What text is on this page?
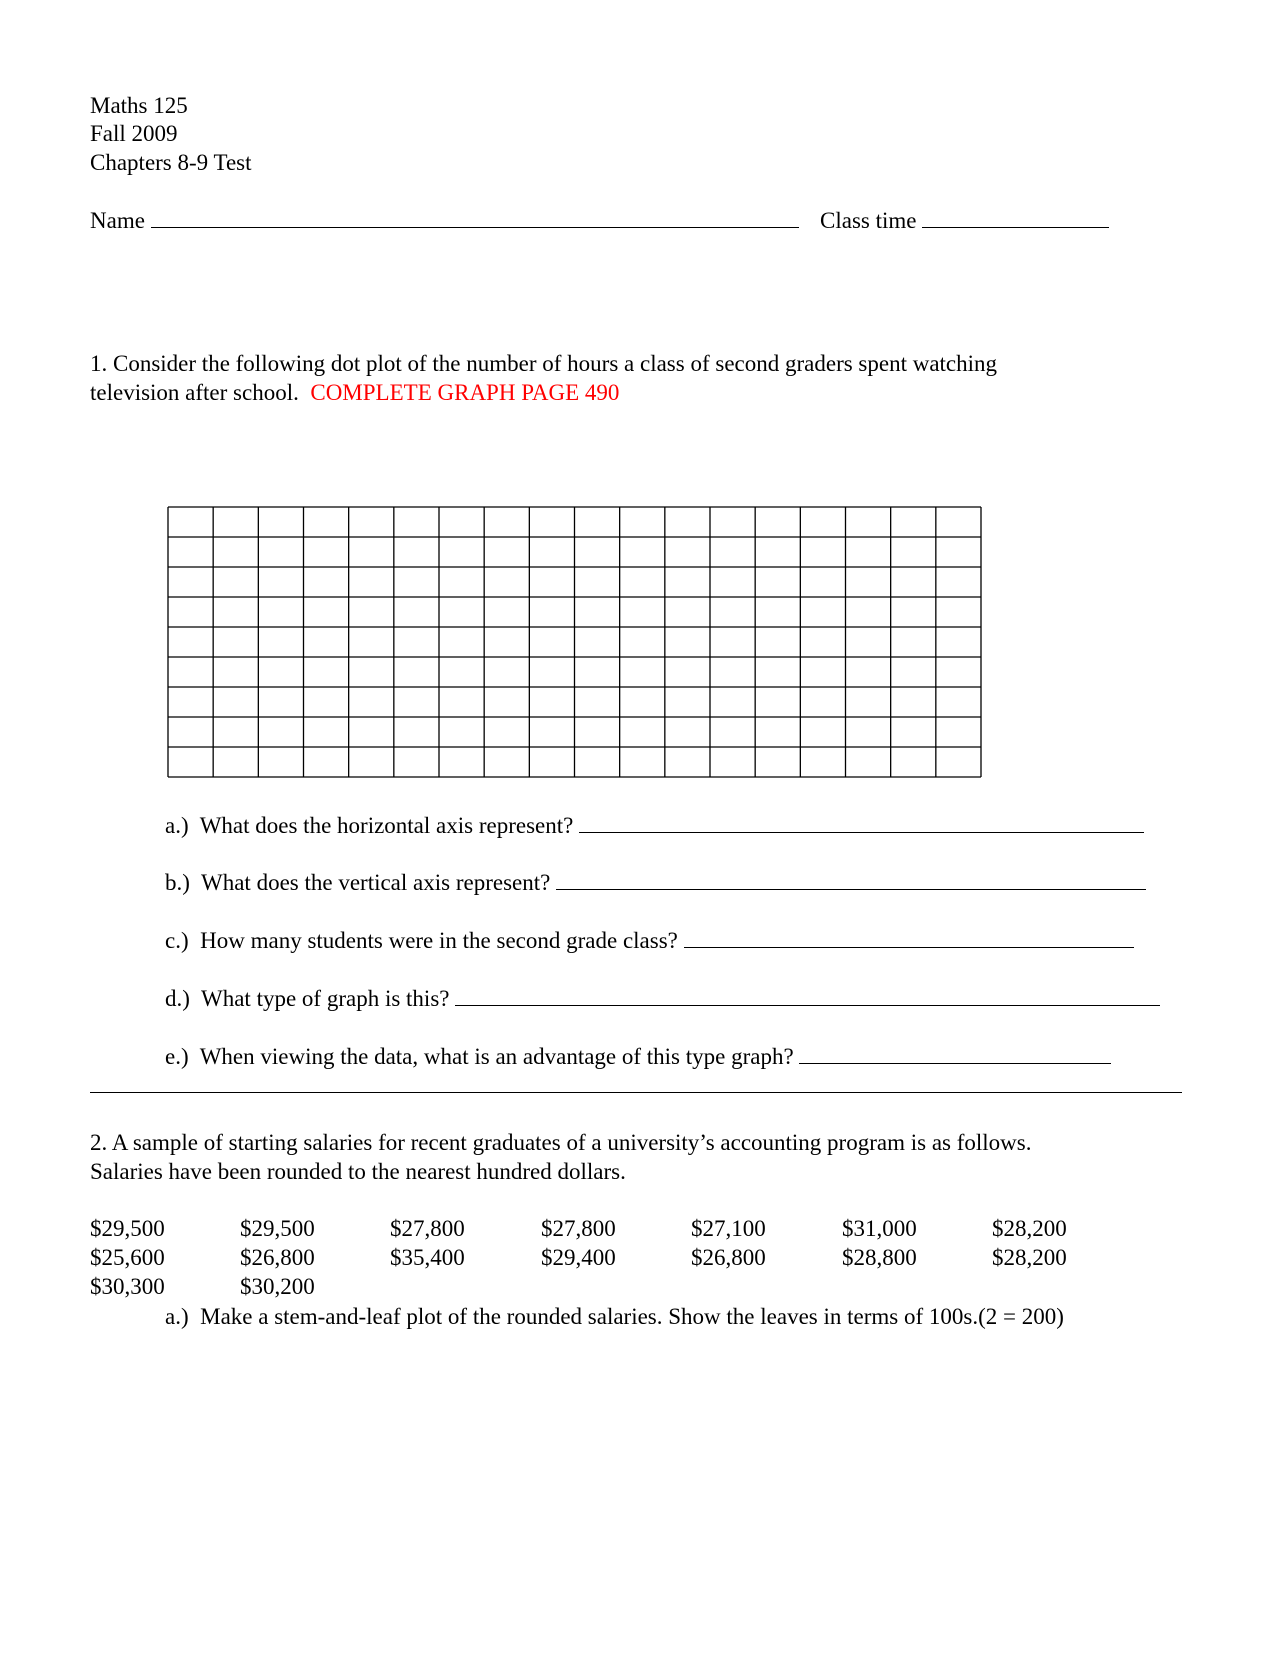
Maths 125
Fall 2009
Chapters 8-9 Test
Name	Class time
1. Consider the following dot plot of the number of hours a class of second graders spent watching
television after school. COMPLETE GRAPH PAGE 490
a.) What does the horizontal axis represent?
b.) What does the vertical axis represent?
c.) How many students were in the second grade class?
d.) What type of graph is this?
e.) When viewing the data, what is an advantage of this type graph?
2. A sample of starting salaries for recent graduates of a university’s accounting program is as follows.
Salaries have been rounded to the nearest hundred dollars.
$29,500	$29,500	$27,800	$27,800	$27,100	$31,000	$28,200
$25,600	$26,800	$35,400	$29,400	$26,800	$28,800	$28,200
$30,300	$30,200
a.) Make a stem-and-leaf plot of the rounded salaries. Show the leaves in terms of 100s.(2 = 200)
